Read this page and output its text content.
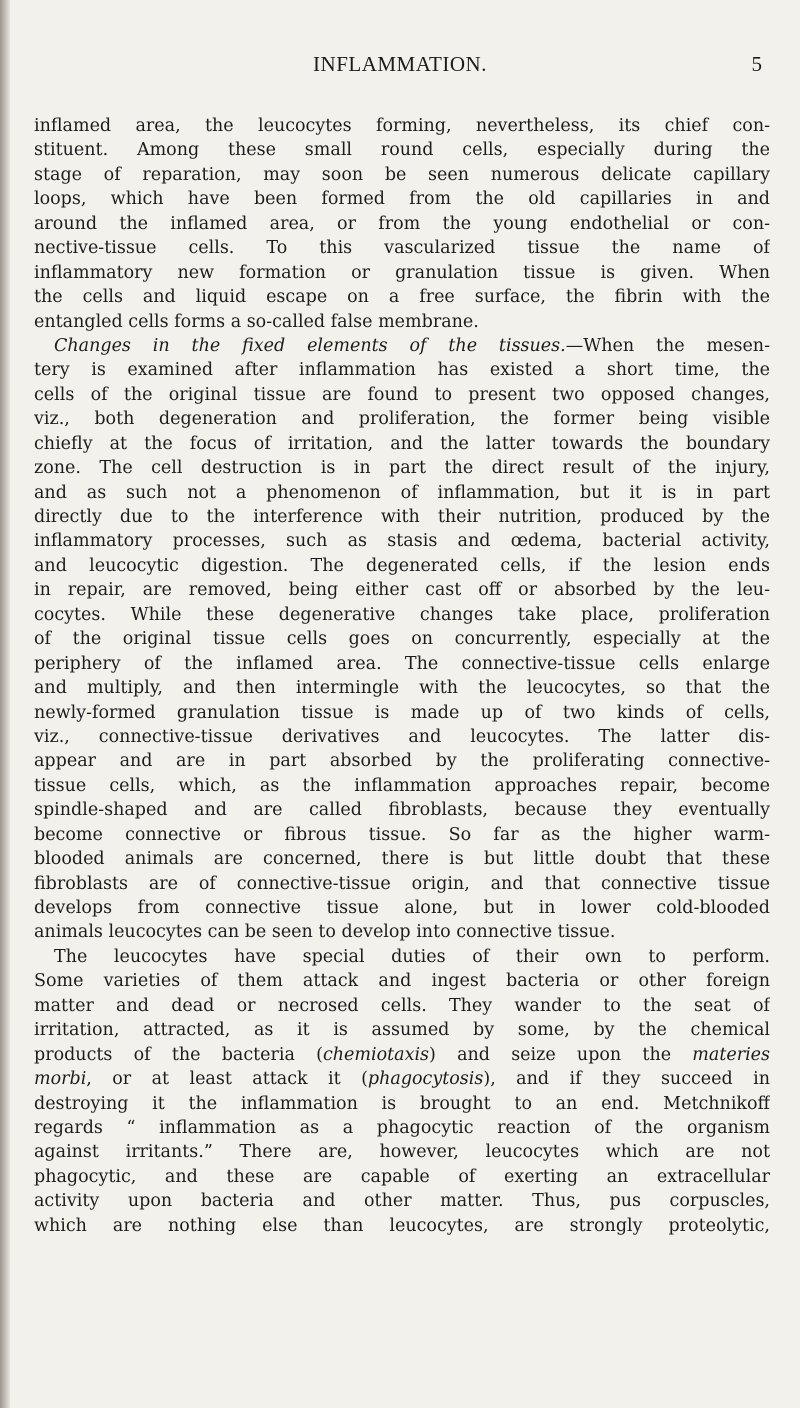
INFLAMMATION.	5
inflamed area, the leucocytes forming, nevertheless, its chief con-
stituent. Among these small round cells, especially during the
stage of reparation, may soon be seen numerous delicate capillary
loops, which have been formed from the old capillaries in and
around the inflamed area, or from the young endothelial or con-
nective-tissue cells. To this vascularized tissue the name of
inflammatory new formation or granulation tissue is given. When
the cells and liquid escape on a free surface, the fibrin with the
entangled cells forms a so-called false membrane.
Changes in the fixed elements of the tissues.—When the mesen-
tery is examined after inflammation has existed a short time, the
cells of the original tissue are found to present two opposed changes,
viz., both degeneration and proliferation, the former being visible
chiefly at the focus of irritation, and the latter towards the boundary
zone. The cell destruction is in part the direct result of the injury,
and as such not a phenomenon of inflammation, but it is in part
directly due to the interference with their nutrition, produced by the
inflammatory processes, such as stasis and œdema, bacterial activity,
and leucocytic digestion. The degenerated cells, if the lesion ends
in repair, are removed, being either cast off or absorbed by the leu-
cocytes. While these degenerative changes take place, proliferation
of the original tissue cells goes on concurrently, especially at the
periphery of the inflamed area. The connective-tissue cells enlarge
and multiply, and then intermingle with the leucocytes, so that the
newly-formed granulation tissue is made up of two kinds of cells,
viz., connective-tissue derivatives and leucocytes. The latter dis-
appear and are in part absorbed by the proliferating connective-
tissue cells, which, as the inflammation approaches repair, become
spindle-shaped and are called fibroblasts, because they eventually
become connective or fibrous tissue. So far as the higher warm-
blooded animals are concerned, there is but little doubt that these
fibroblasts are of connective-tissue origin, and that connective tissue
develops from connective tissue alone, but in lower cold-blooded
animals leucocytes can be seen to develop into connective tissue.
The leucocytes have special duties of their own to perform.
Some varieties of them attack and ingest bacteria or other foreign
matter and dead or necrosed cells. They wander to the seat of
irritation, attracted, as it is assumed by some, by the chemical
products of the bacteria (chemiotaxis) and seize upon the materies
morbi, or at least attack it (phagocytosis), and if they succeed in
destroying it the inflammation is brought to an end. Metchnikoff
regards “ inflammation as a phagocytic reaction of the organism
against irritants.” There are, however, leucocytes which are not
phagocytic, and these are capable of exerting an extracellular
activity upon bacteria and other matter. Thus, pus corpuscles,
which are nothing else than leucocytes, are strongly proteolytic,
